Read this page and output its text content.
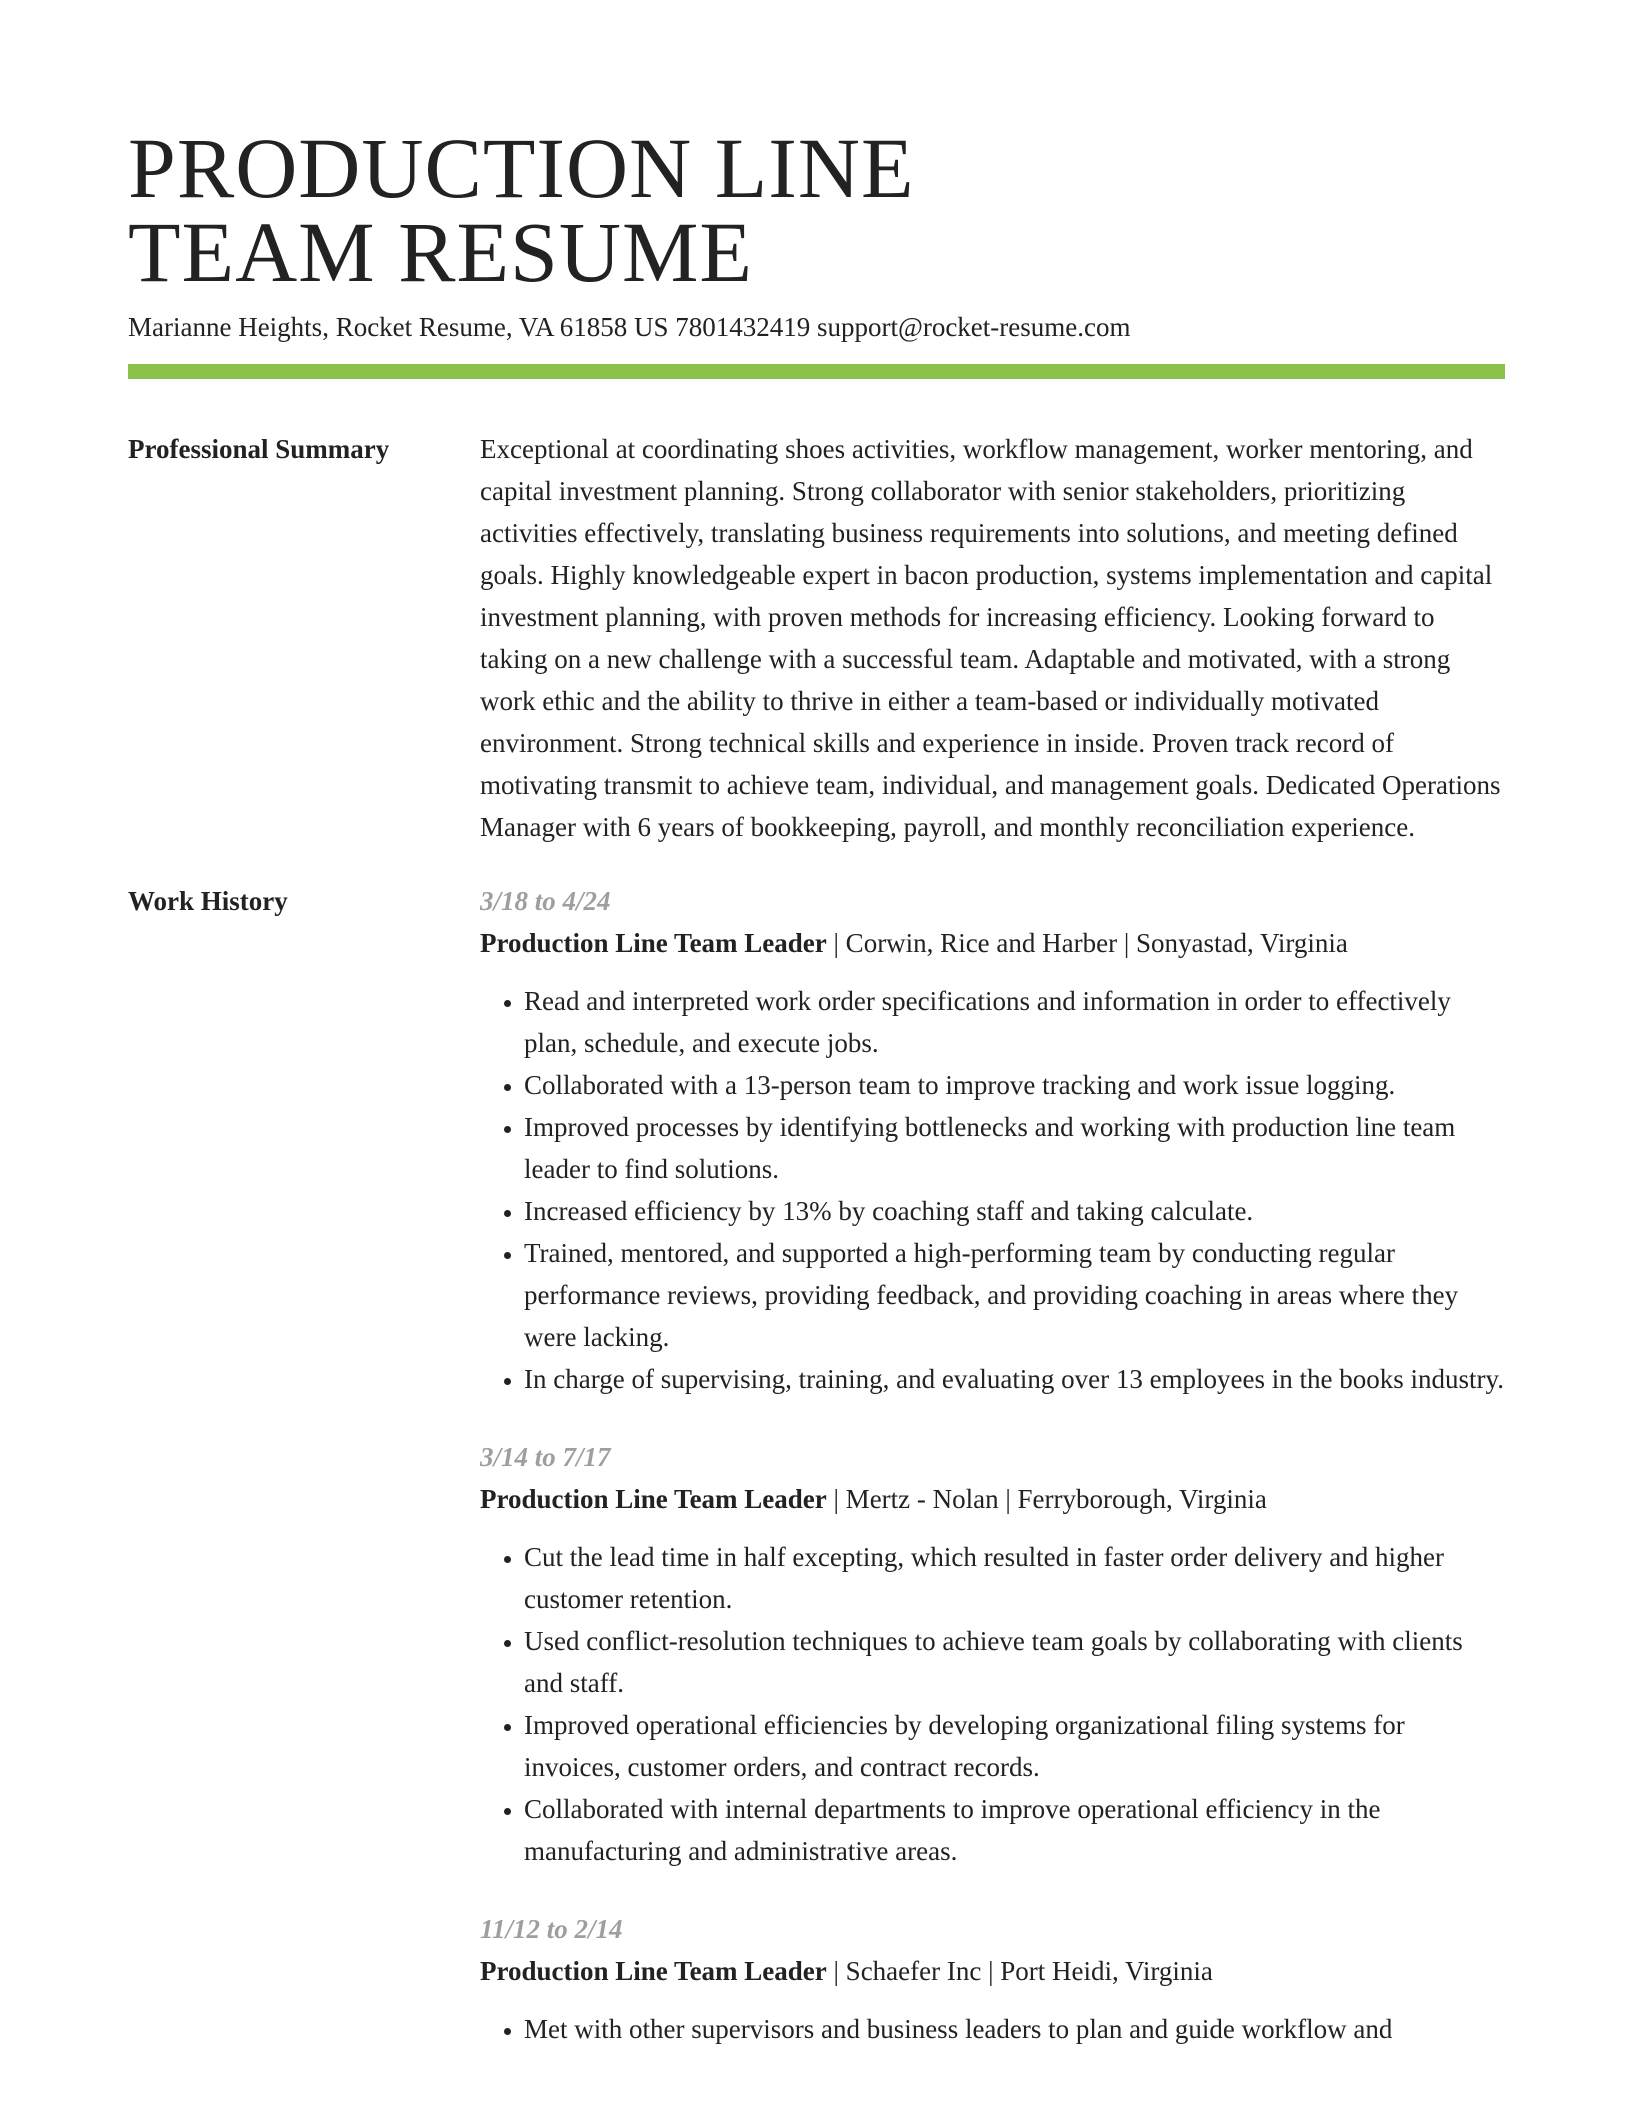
PRODUCTION LINE
TEAM RESUME
Marianne Heights, Rocket Resume, VA 61858 US 7801432419 support@rocket-resume.com
Professional Summary	Exceptional at coordinating shoes activities, workflow management, worker mentoring, and capital investment planning. Strong collaborator with senior stakeholders, prioritizing activities effectively, translating business requirements into solutions, and meeting defined goals. Highly knowledgeable expert in bacon production, systems implementation and capital investment planning, with proven methods for increasing efficiency. Looking forward to taking on a new challenge with a successful team. Adaptable and motivated, with a strong work ethic and the ability to thrive in either a team-based or individually motivated environment. Strong technical skills and experience in inside. Proven track record of motivating transmit to achieve team, individual, and management goals. Dedicated Operations Manager with 6 years of bookkeeping, payroll, and monthly reconciliation experience.

Work History	3/18 to 4/24

Production Line Team Leader | Corwin, Rice and Harber | Sonyastad, Virginia

• Read and interpreted work order specifications and information in order to effectively plan, schedule, and execute jobs.
• Collaborated with a 13-person team to improve tracking and work issue logging.
• Improved processes by identifying bottlenecks and working with production line team leader to find solutions.
• Increased efficiency by 13% by coaching staff and taking calculate.
• Trained, mentored, and supported a high-performing team by conducting regular performance reviews, providing feedback, and providing coaching in areas where they were lacking.
• In charge of supervising, training, and evaluating over 13 employees in the books industry.

3/14 to 7/17

Production Line Team Leader | Mertz - Nolan | Ferryborough, Virginia

• Cut the lead time in half excepting, which resulted in faster order delivery and higher customer retention.
• Used conflict-resolution techniques to achieve team goals by collaborating with clients and staff.
• Improved operational efficiencies by developing organizational filing systems for invoices, customer orders, and contract records.
• Collaborated with internal departments to improve operational efficiency in the manufacturing and administrative areas.

11/12 to 2/14

Production Line Team Leader | Schaefer Inc | Port Heidi, Virginia

• Met with other supervisors and business leaders to plan and guide workflow and
